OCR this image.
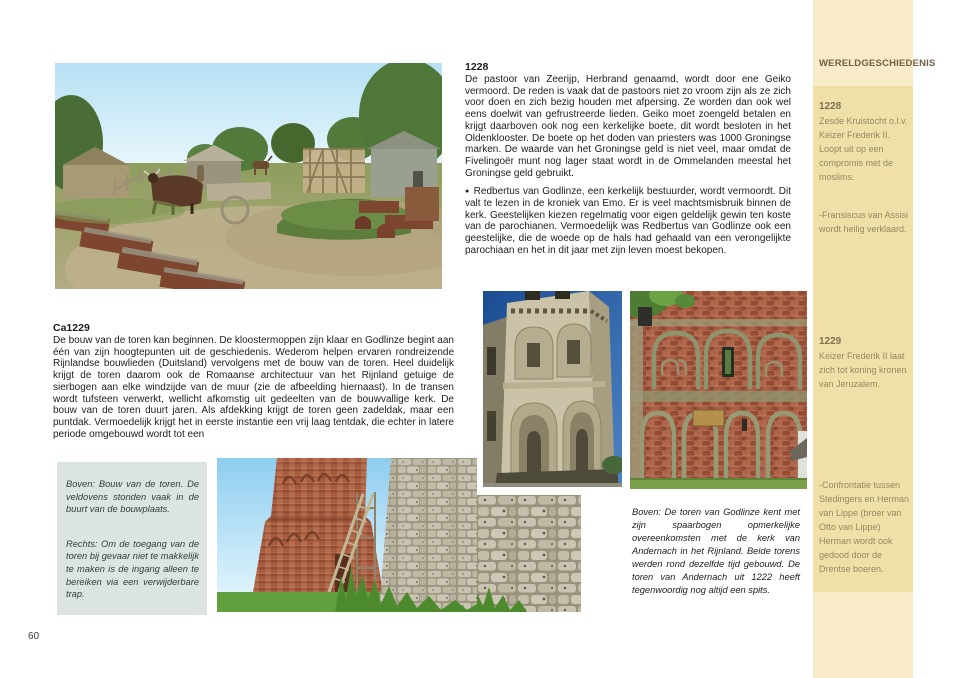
1228

De pastoor van Zeerijp, Herbrand genaamd, wordt door ene Geiko vermoord. De reden is vaak dat de pastoors niet zo vroom zijn als ze zich voor doen en zich bezig houden met afpersing. Ze worden dan ook wel eens doelwit van gefrustreerde lieden. Geiko moet zoengeld betalen en krijgt daarboven ook nog een kerkelijke boete, dit wordt besloten in het Oldenklooster. De boete op het doden van priesters was 1000 Groningse marken. De waarde van het Groningse geld is niet veel, maar omdat de Fivelingoër munt nog lager staat wordt in de Ommelanden meestal het Groningse geld gebruikt.

● Redbertus van Godlinze, een kerkelijk bestuurder, wordt vermoordt. Dit valt te lezen in de kroniek van Emo. Er is veel machtsmisbruik binnen de kerk. Geestelijken kiezen regelmatig voor eigen geldelijk gewin ten koste van de parochianen. Vermoedelijk was Redbertus van Godlinze ook een geestelijke, die de woede op de hals had gehaald van een verongelijkte parochiaan en het in dit jaar met zijn leven moest bekopen.

WERELDGESCHIEDENIS
1228
Zesde Kruistocht o.l.v. Keizer Frederik II. Loopt uit op een compromis met de moslims.
-Fransiscus van Assisi wordt heilig verklaard.
1229
Keizer Frederik II laat zich tot koning kronen van Jeruzalem.
-Confrontatie tussen Stedingers en Herman van Lippe (broer van Otto van Lippe) Herman wordt ook gedood door de Drentse boeren.
Ca1229

De bouw van de toren kan beginnen. De kloostermoppen zijn klaar en Godlinze begint aan één van zijn hoogtepunten uit de geschiedenis. Wederom helpen ervaren rondreizende Rijnlandse bouwlieden (Duitsland) vervolgens met de bouw van de toren. Heel duidelijk krijgt de toren daarom ook de Romaanse architectuur van het Rijnland getuige de sierbogen aan elke windzijde van de muur (zie de afbeelding hiernaast). In de transen wordt tufsteen verwerkt, wellicht afkomstig uit gedeelten van de bouwvallige kerk. De bouw van de toren duurt jaren. Als afdekking krijgt de toren geen zadeldak, maar een puntdak. Vermoedelijk krijgt het in eerste instantie een vrij laag tentdak, die echter in latere periode omgebouwd wordt tot een

Boven: Bouw van de toren. De veldovens stonden vaak in de buurt van de bouwplaats.

Rechts: Om de toegang van de toren bij gevaar niet te makkelijk te maken is de ingang alleen te bereiken via een verwijderbare trap.

Boven: De toren van Godlinze kent met zijn spaarbogen opmerkelijke overeenkomsten met de kerk van Andernach in het Rijnland. Beide torens werden rond dezelfde tijd gebouwd. De toren van Andernach uit 1222 heeft tegenwoordig nog altijd een spits.

60
